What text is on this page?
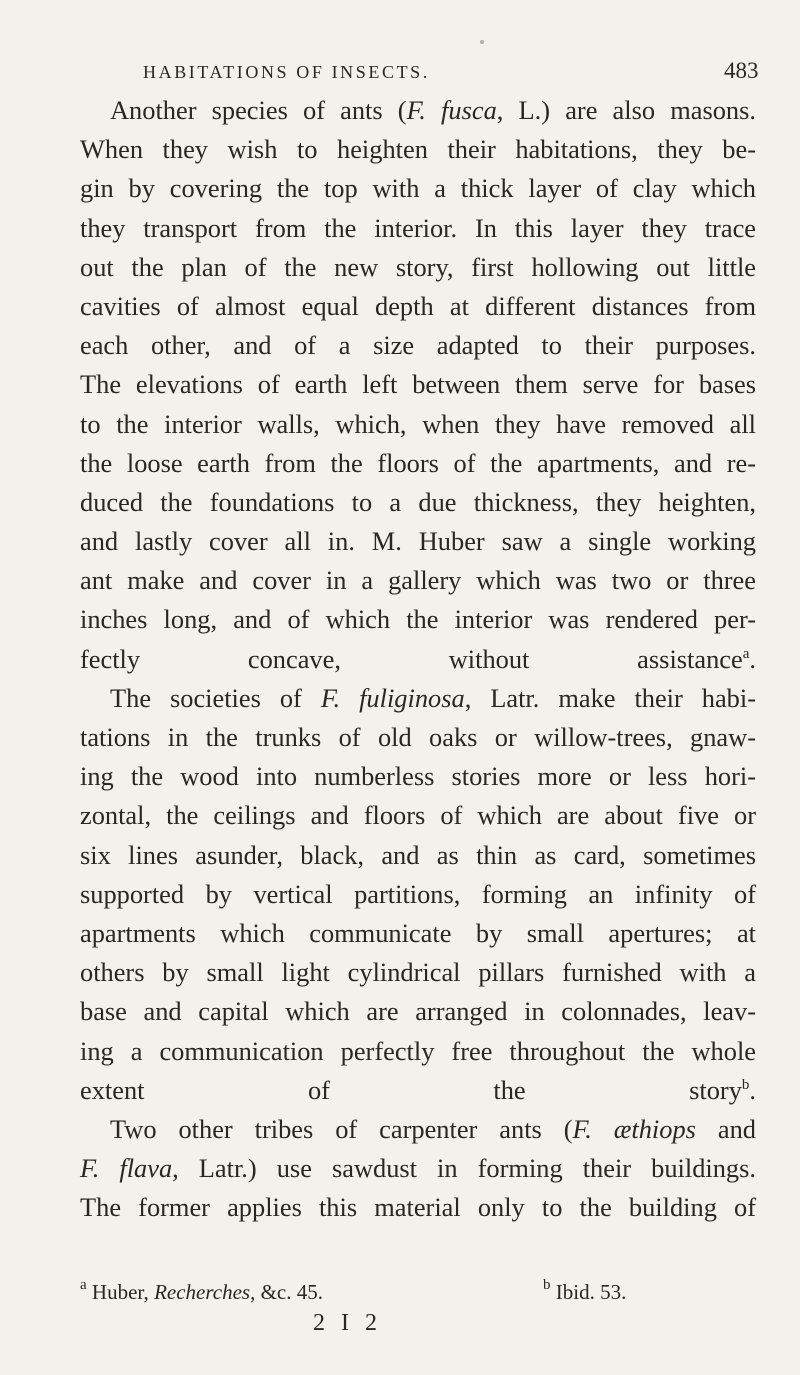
HABITATIONS OF INSECTS.	483
Another species of ants (F. fusca, L.) are also masons.
When they wish to heighten their habitations, they be-
gin by covering the top with a thick layer of clay which
they transport from the interior. In this layer they trace
out the plan of the new story, first hollowing out little
cavities of almost equal depth at different distances from
each other, and of a size adapted to their purposes.
The elevations of earth left between them serve for bases
to the interior walls, which, when they have removed all
the loose earth from the floors of the apartments, and re-
duced the foundations to a due thickness, they heighten,
and lastly cover all in. M. Huber saw a single working
ant make and cover in a gallery which was two or three
inches long, and of which the interior was rendered per-
fectly concave, without assistance$^a$.
The societies of F. fuliginosa, Latr. make their habi-
tations in the trunks of old oaks or willow-trees, gnaw-
ing the wood into numberless stories more or less hori-
zontal, the ceilings and floors of which are about five or
six lines asunder, black, and as thin as card, sometimes
supported by vertical partitions, forming an infinity of
apartments which communicate by small apertures; at
others by small light cylindrical pillars furnished with a
base and capital which are arranged in colonnades, leav-
ing a communication perfectly free throughout the whole
extent of the story$^b$.
Two other tribes of carpenter ants (F. æthiops and
F. flava, Latr.) use sawdust in forming their buildings.
The former applies this material only to the building of
$^a$ Huber, Recherches, &c. 45.	$^b$ Ibid. 53.
2 I 2
